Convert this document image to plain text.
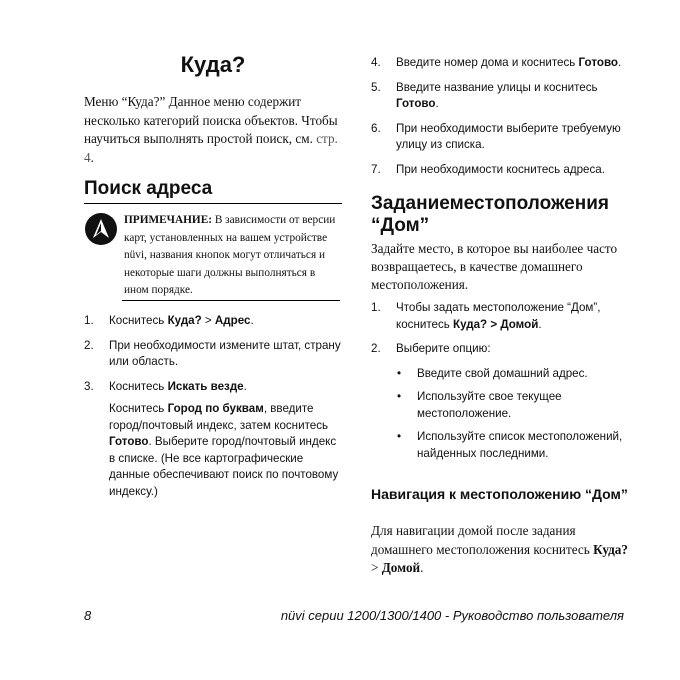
Куда?
Меню “Куда?” Данное меню содержит несколько категорий поиска объектов. Чтобы научиться выполнять простой поиск, см. стр. 4.
Поиск адреса
ПРИМЕЧАНИЕ: В зависимости от версии карт, установленных на вашем устройстве nüvi, названия кнопок могут отличаться и некоторые шаги должны выполняться в ином порядке.
1. Коснитесь Куда? > Адрес.
2. При необходимости измените штат, страну или область.
3. Коснитесь Искать везде.
Коснитесь Город по буквам, введите город/почтовый индекс, затем коснитесь Готово. Выберите город/почтовый индекс в списке. (Не все картографические данные обеспечивают поиск по почтовому индексу.)
4. Введите номер дома и коснитесь Готово.
5. Введите название улицы и коснитесь Готово.
6. При необходимости выберите требуемую улицу из списка.
7. При необходимости коснитесь адреса.
Заданиеместоположения “Дом”
Задайте место, в которое вы наиболее часто возвращаетесь, в качестве домашнего местоположения.
1. Чтобы задать местоположение “Дом”, коснитесь Куда? > Домой.
2. Выберите опцию:
• Введите свой домашний адрес.
• Используйте свое текущее местоположение.
• Используйте список местоположений, найденных последними.
Навигация к местоположению “Дом”
Для навигации домой после задания домашнего местоположения коснитесь Куда? > Домой.
8	nüvi серии 1200/1300/1400 - Руководство пользователя
